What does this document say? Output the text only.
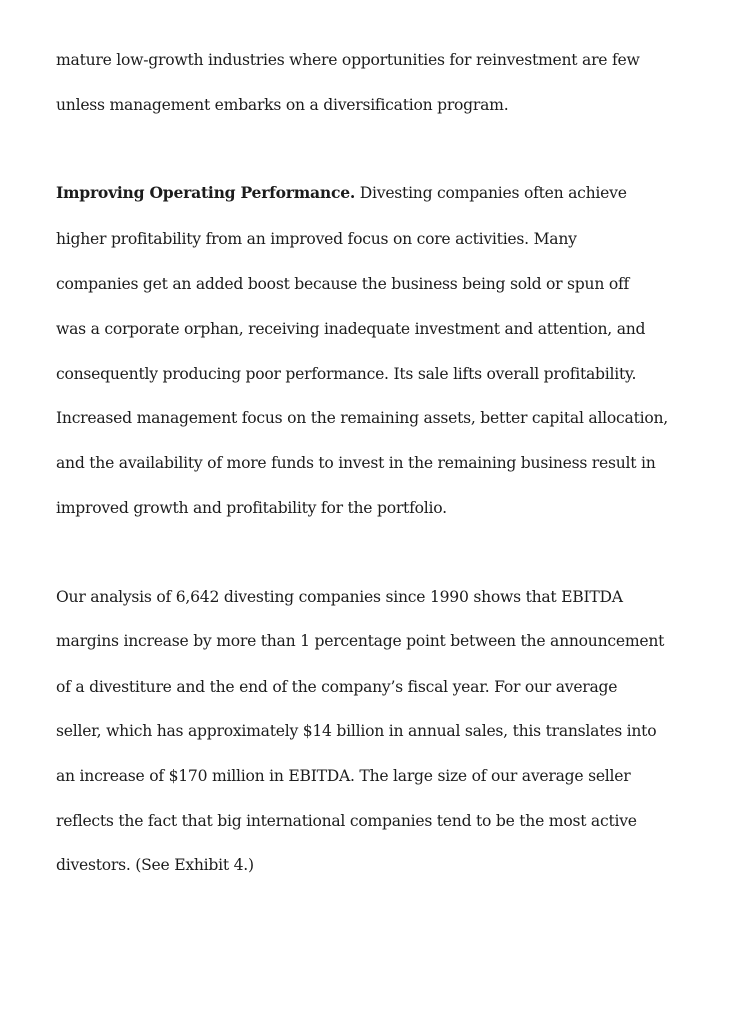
mature low-growth industries where opportunities for reinvestment are few

unless management embarks on a diversification program.

Improving Operating Performance. Divesting companies often achieve

higher profitability from an improved focus on core activities. Many

companies get an added boost because the business being sold or spun off

was a corporate orphan, receiving inadequate investment and attention, and

consequently producing poor performance. Its sale lifts overall profitability.

Increased management focus on the remaining assets, better capital allocation,

and the availability of more funds to invest in the remaining business result in

improved growth and profitability for the portfolio.

Our analysis of 6,642 divesting companies since 1990 shows that EBITDA

margins increase by more than 1 percentage point between the announcement

of a divestiture and the end of the company’s fiscal year. For our average

seller, which has approximately $14 billion in annual sales, this translates into

an increase of $170 million in EBITDA. The large size of our average seller

reflects the fact that big international companies tend to be the most active

divestors. (See Exhibit 4.)
